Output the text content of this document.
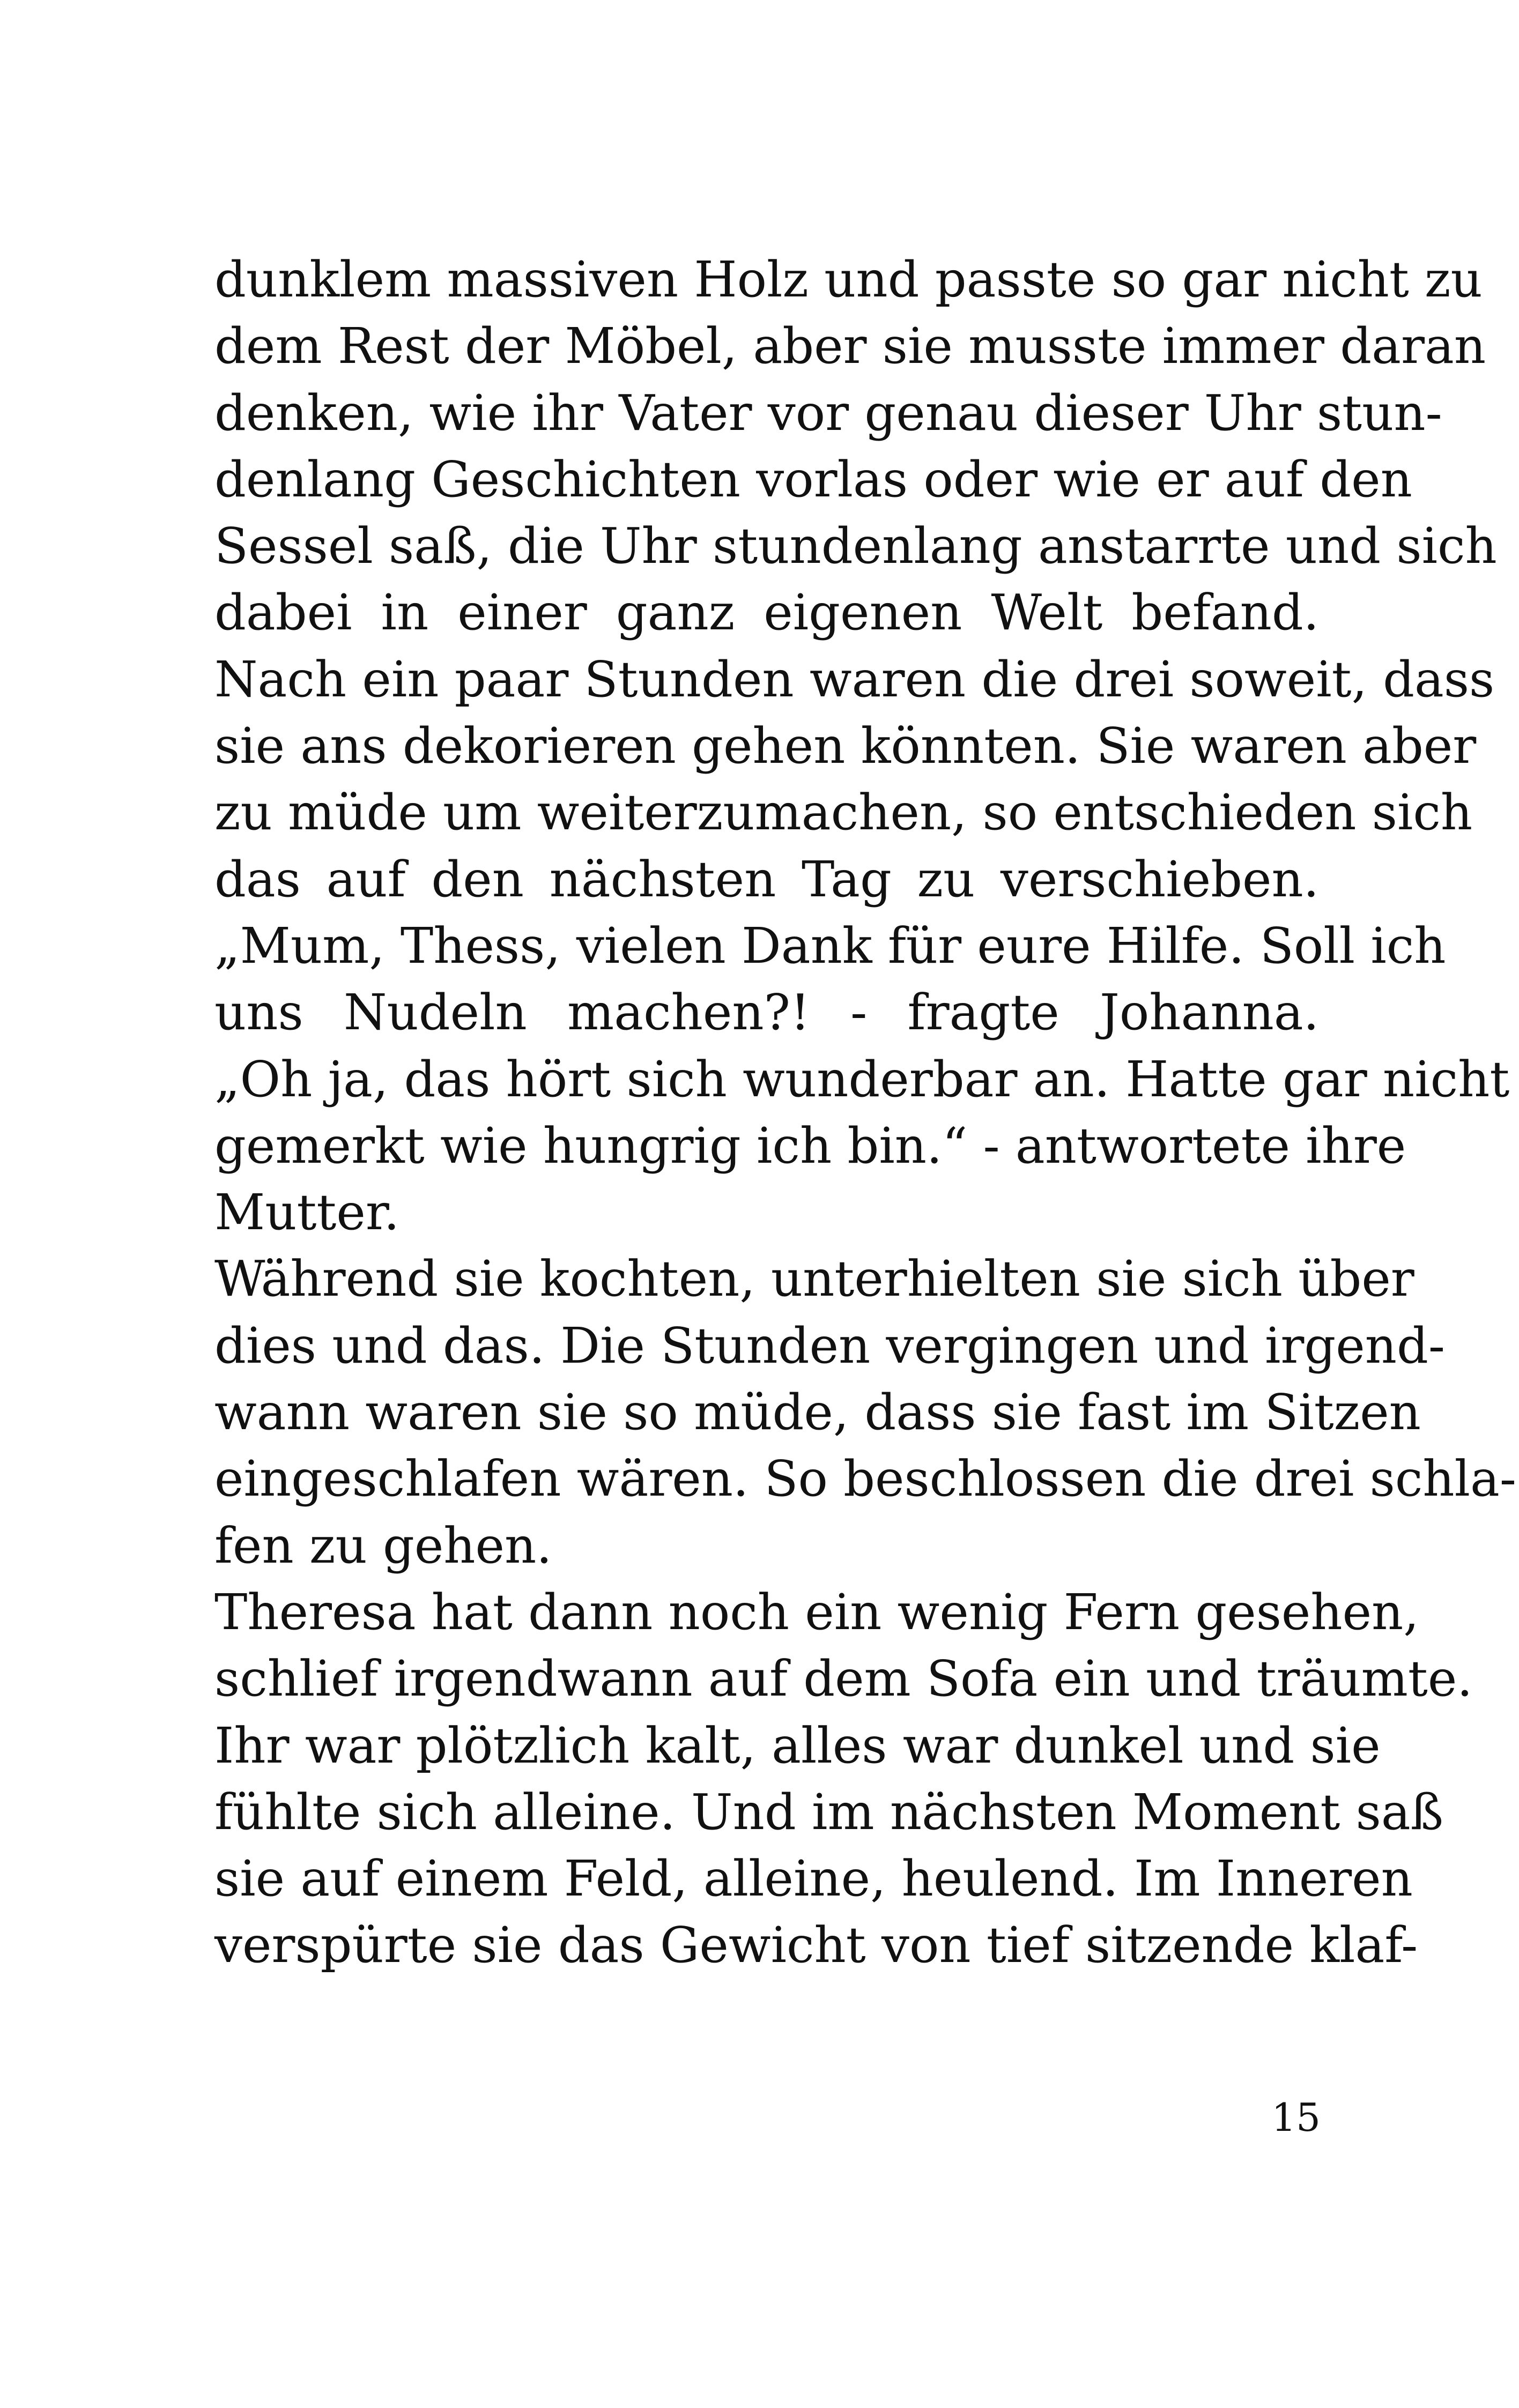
dunklem massiven Holz und passte so gar nicht zu
dem Rest der Möbel, aber sie musste immer daran
denken, wie ihr Vater vor genau dieser Uhr stun-
denlang Geschichten vorlas oder wie er auf den
Sessel saß, die Uhr stundenlang anstarrte und sich
dabei in einer ganz eigenen Welt befand.
Nach ein paar Stunden waren die drei soweit, dass
sie ans dekorieren gehen könnten. Sie waren aber
zu müde um weiterzumachen, so entschieden sich
das auf den nächsten Tag zu verschieben.
„Mum, Thess, vielen Dank für eure Hilfe. Soll ich
uns Nudeln machen?! - fragte Johanna.
„Oh ja, das hört sich wunderbar an. Hatte gar nicht
gemerkt wie hungrig ich bin.“ - antwortete ihre
Mutter.
Während sie kochten, unterhielten sie sich über
dies und das. Die Stunden vergingen und irgend-
wann waren sie so müde, dass sie fast im Sitzen
eingeschlafen wären. So beschlossen die drei schla-
fen zu gehen.
Theresa hat dann noch ein wenig Fern gesehen,
schlief irgendwann auf dem Sofa ein und träumte.
Ihr war plötzlich kalt, alles war dunkel und sie
fühlte sich alleine. Und im nächsten Moment saß
sie auf einem Feld, alleine, heulend. Im Inneren
verspürte sie das Gewicht von tief sitzende klaf-
15
